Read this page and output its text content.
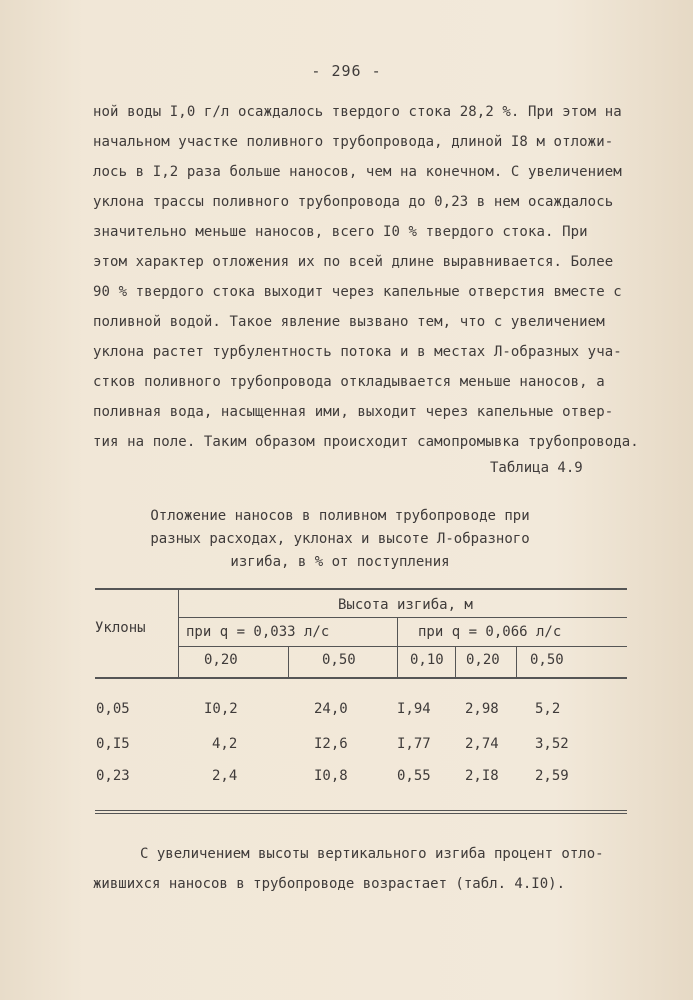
- 296 -
ной воды I,0 г/л осаждалось твердого стока 28,2 %. При этом на
начальном участке поливного трубопровода, длиной I8 м отложи-
лось в I,2 раза больше наносов, чем на конечном. С увеличением
уклона трассы поливного трубопровода до 0,23 в нем осаждалось
значительно меньше наносов, всего I0 % твердого стока. При
этом характер отложения их по всей длине выравнивается. Более
90 % твердого стока выходит через капельные отверстия вместе с
поливной водой. Такое явление вызвано тем, что с увеличением
уклона растет турбулентность потока и в местах Л-образных уча-
стков поливного трубопровода откладывается меньше наносов, а
поливная вода, насыщенная ими, выходит через капельные отвер-
тия на поле. Таким образом происходит самопромывка трубопровода.
Таблица 4.9
Отложение наносов в поливном трубопроводе при
разных расходах, уклонах и высоте Л-образного
изгиба, в % от поступления
Уклоны
Высота изгиба, м
при q = 0,033 л/с	при q = 0,066 л/с
0,20	0,50	0,10 0,20 0,50
0,05	I0,2	24,0	I,94 2,98	5,2
0,I5	4,2	I2,6	I,77 2,74	3,52
0,23	2,4	I0,8	0,55 2,I8	2,59
С увеличением высоты вертикального изгиба процент отло-
жившихся наносов в трубопроводе возрастает (табл. 4.I0).
